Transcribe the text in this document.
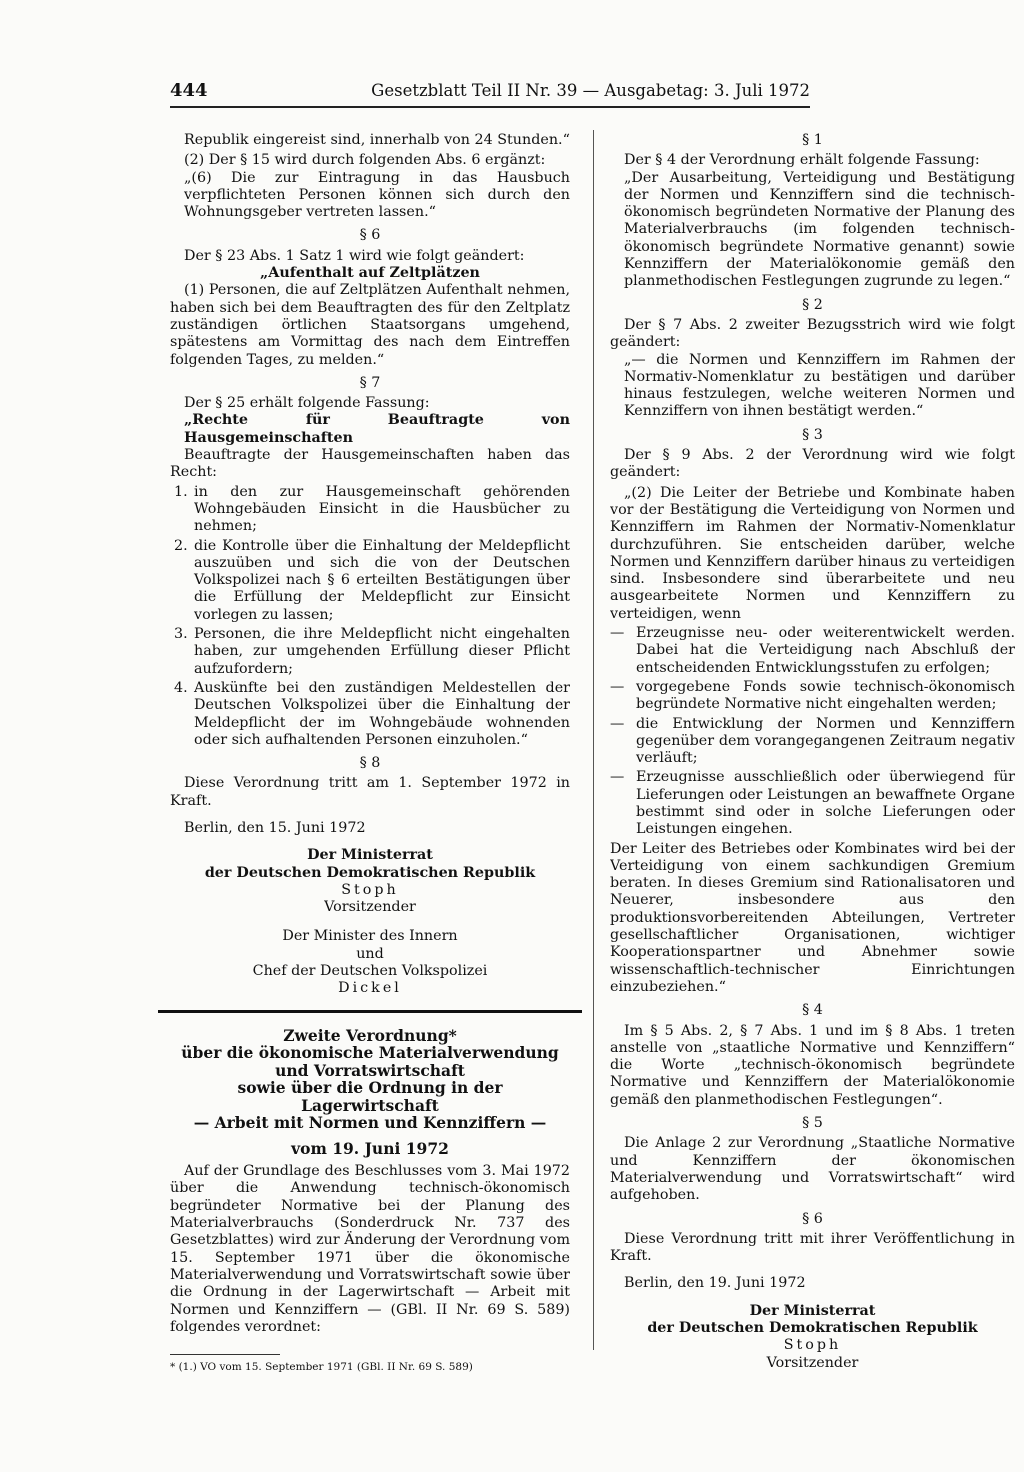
444	Gesetzblatt Teil II Nr. 39 — Ausgabetag: 3. Juli 1972

Republik eingereist sind, innerhalb von 24 Stunden.“

(2) Der § 15 wird durch folgenden Abs. 6 ergänzt:

„(6) Die zur Eintragung in das Hausbuch verpflichteten Personen können sich durch den Wohnungsgeber vertreten lassen.“

§ 6

Der § 23 Abs. 1 Satz 1 wird wie folgt geändert:

„Aufenthalt auf Zeltplätzen

(1) Personen, die auf Zeltplätzen Aufenthalt nehmen, haben sich bei dem Beauftragten des für den Zeltplatz zuständigen örtlichen Staatsorgans umgehend, spätestens am Vormittag des nach dem Eintreffen folgenden Tages, zu melden.“

§ 7

Der § 25 erhält folgende Fassung:

„Rechte für Beauftragte von Hausgemeinschaften

Beauftragte der Hausgemeinschaften haben das Recht:

1. in den zur Hausgemeinschaft gehörenden Wohngebäuden Einsicht in die Hausbücher zu nehmen;
2. die Kontrolle über die Einhaltung der Meldepflicht auszuüben und sich die von der Deutschen Volkspolizei nach § 6 erteilten Bestätigungen über die Erfüllung der Meldepflicht zur Einsicht vorlegen zu lassen;
3. Personen, die ihre Meldepflicht nicht eingehalten haben, zur umgehenden Erfüllung dieser Pflicht aufzufordern;
4. Auskünfte bei den zuständigen Meldestellen der Deutschen Volkspolizei über die Einhaltung der Meldepflicht der im Wohngebäude wohnenden oder sich aufhaltenden Personen einzuholen.“

§ 8

Diese Verordnung tritt am 1. September 1972 in Kraft.

Berlin, den 15. Juni 1972

Der Ministerrat

der Deutschen Demokratischen Republik

Stoph

Vorsitzender

Der Minister des Innern

und

Chef der Deutschen Volkspolizei

Dickel

Zweite Verordnung*

über die ökonomische Materialverwendung

und Vorratswirtschaft

sowie über die Ordnung in der Lagerwirtschaft

— Arbeit mit Normen und Kennziffern —

vom 19. Juni 1972

Auf der Grundlage des Beschlusses vom 3. Mai 1972 über die Anwendung technisch-ökonomisch begründeter Normative bei der Planung des Materialverbrauchs (Sonderdruck Nr. 737 des Gesetzblattes) wird zur Änderung der Verordnung vom 15. September 1971 über die ökonomische Materialverwendung und Vorratswirtschaft sowie über die Ordnung in der Lagerwirtschaft — Arbeit mit Normen und Kennziffern — (GBl. II Nr. 69 S. 589) folgendes verordnet:

* (1.) VO vom 15. September 1971 (GBl. II Nr. 69 S. 589)

§ 1

Der § 4 der Verordnung erhält folgende Fassung:

„Der Ausarbeitung, Verteidigung und Bestätigung der Normen und Kennziffern sind die technisch-ökonomisch begründeten Normative der Planung des Materialverbrauchs (im folgenden technisch-ökonomisch begründete Normative genannt) sowie Kennziffern der Materialökonomie gemäß den planmethodischen Festlegungen zugrunde zu legen.“

§ 2

Der § 7 Abs. 2 zweiter Bezugsstrich wird wie folgt geändert:

„— die Normen und Kennziffern im Rahmen der Normativ-Nomenklatur zu bestätigen und darüber hinaus festzulegen, welche weiteren Normen und Kennziffern von ihnen bestätigt werden.“

§ 3

Der § 9 Abs. 2 der Verordnung wird wie folgt geändert:

„(2) Die Leiter der Betriebe und Kombinate haben vor der Bestätigung die Verteidigung von Normen und Kennziffern im Rahmen der Normativ-Nomenklatur durchzuführen. Sie entscheiden darüber, welche Normen und Kennziffern darüber hinaus zu verteidigen sind. Insbesondere sind überarbeitete und neu ausgearbeitete Normen und Kennziffern zu verteidigen, wenn

— Erzeugnisse neu- oder weiterentwickelt werden. Dabei hat die Verteidigung nach Abschluß der entscheidenden Entwicklungsstufen zu erfolgen;
— vorgegebene Fonds sowie technisch-ökonomisch begründete Normative nicht eingehalten werden;
— die Entwicklung der Normen und Kennziffern gegenüber dem vorangegangenen Zeitraum negativ verläuft;
— Erzeugnisse ausschließlich oder überwiegend für Lieferungen oder Leistungen an bewaffnete Organe bestimmt sind oder in solche Lieferungen oder Leistungen eingehen.

Der Leiter des Betriebes oder Kombinates wird bei der Verteidigung von einem sachkundigen Gremium beraten. In dieses Gremium sind Rationalisatoren und Neuerer, insbesondere aus den produktionsvorbereitenden Abteilungen, Vertreter gesellschaftlicher Organisationen, wichtiger Kooperationspartner und Abnehmer sowie wissenschaftlich-technischer Einrichtungen einzubeziehen.“

§ 4

Im § 5 Abs. 2, § 7 Abs. 1 und im § 8 Abs. 1 treten anstelle von „staatliche Normative und Kennziffern“ die Worte „technisch-ökonomisch begründete Normative und Kennziffern der Materialökonomie gemäß den planmethodischen Festlegungen“.

§ 5

Die Anlage 2 zur Verordnung „Staatliche Normative und Kennziffern der ökonomischen Materialverwendung und Vorratswirtschaft“ wird aufgehoben.

§ 6

Diese Verordnung tritt mit ihrer Veröffentlichung in Kraft.

Berlin, den 19. Juni 1972

Der Ministerrat

der Deutschen Demokratischen Republik

Stoph

Vorsitzender
